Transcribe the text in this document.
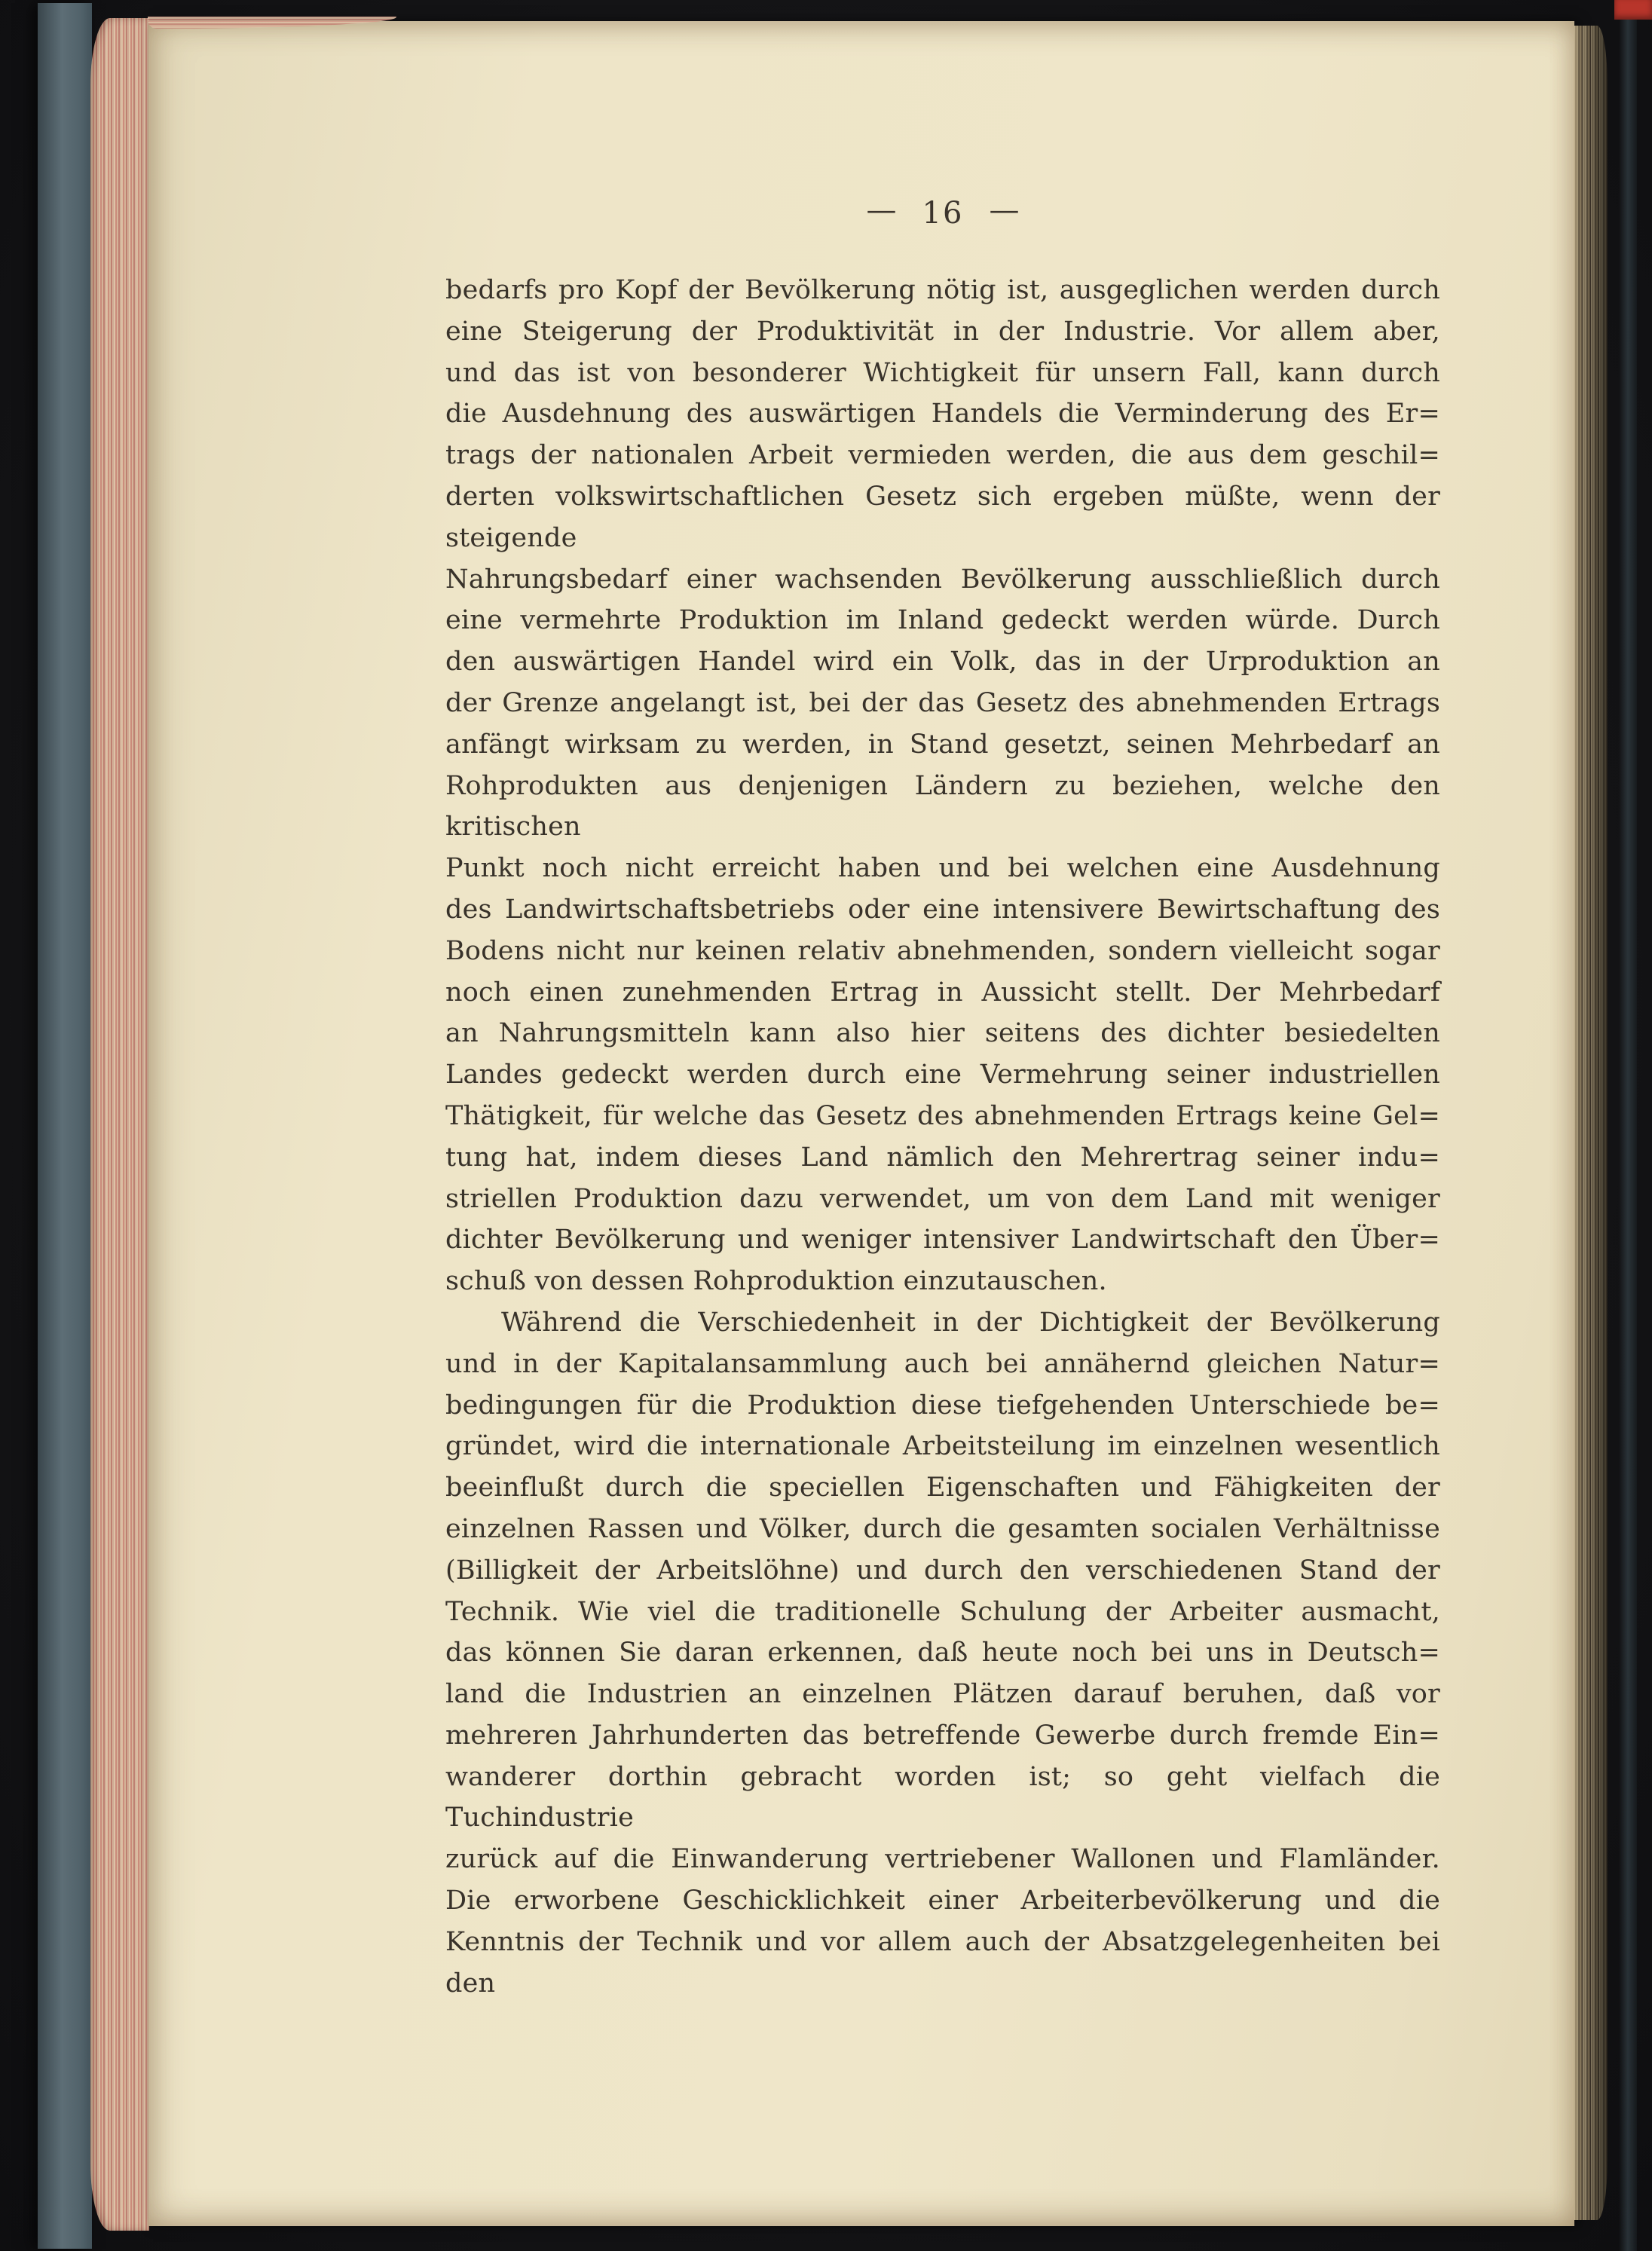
— 16 —
bedarfs pro Kopf der Bevölkerung nötig ist, ausgeglichen werden durch
eine Steigerung der Produktivität in der Industrie. Vor allem aber,
und das ist von besonderer Wichtigkeit für unsern Fall, kann durch
die Ausdehnung des auswärtigen Handels die Verminderung des Er=
trags der nationalen Arbeit vermieden werden, die aus dem geschil=
derten volkswirtschaftlichen Gesetz sich ergeben müßte, wenn der steigende
Nahrungsbedarf einer wachsenden Bevölkerung ausschließlich durch
eine vermehrte Produktion im Inland gedeckt werden würde. Durch
den auswärtigen Handel wird ein Volk, das in der Urproduktion an
der Grenze angelangt ist, bei der das Gesetz des abnehmenden Ertrags
anfängt wirksam zu werden, in Stand gesetzt, seinen Mehrbedarf an
Rohprodukten aus denjenigen Ländern zu beziehen, welche den kritischen
Punkt noch nicht erreicht haben und bei welchen eine Ausdehnung
des Landwirtschaftsbetriebs oder eine intensivere Bewirtschaftung des
Bodens nicht nur keinen relativ abnehmenden, sondern vielleicht sogar
noch einen zunehmenden Ertrag in Aussicht stellt. Der Mehrbedarf
an Nahrungsmitteln kann also hier seitens des dichter besiedelten
Landes gedeckt werden durch eine Vermehrung seiner industriellen
Thätigkeit, für welche das Gesetz des abnehmenden Ertrags keine Gel=
tung hat, indem dieses Land nämlich den Mehrertrag seiner indu=
striellen Produktion dazu verwendet, um von dem Land mit weniger
dichter Bevölkerung und weniger intensiver Landwirtschaft den Über=
schuß von dessen Rohproduktion einzutauschen.
Während die Verschiedenheit in der Dichtigkeit der Bevölkerung
und in der Kapitalansammlung auch bei annähernd gleichen Natur=
bedingungen für die Produktion diese tiefgehenden Unterschiede be=
gründet, wird die internationale Arbeitsteilung im einzelnen wesentlich
beeinflußt durch die speciellen Eigenschaften und Fähigkeiten der
einzelnen Rassen und Völker, durch die gesamten socialen Verhältnisse
(Billigkeit der Arbeitslöhne) und durch den verschiedenen Stand der
Technik. Wie viel die traditionelle Schulung der Arbeiter ausmacht,
das können Sie daran erkennen, daß heute noch bei uns in Deutsch=
land die Industrien an einzelnen Plätzen darauf beruhen, daß vor
mehreren Jahrhunderten das betreffende Gewerbe durch fremde Ein=
wanderer dorthin gebracht worden ist; so geht vielfach die Tuchindustrie
zurück auf die Einwanderung vertriebener Wallonen und Flamländer.
Die erworbene Geschicklichkeit einer Arbeiterbevölkerung und die
Kenntnis der Technik und vor allem auch der Absatzgelegenheiten bei den
